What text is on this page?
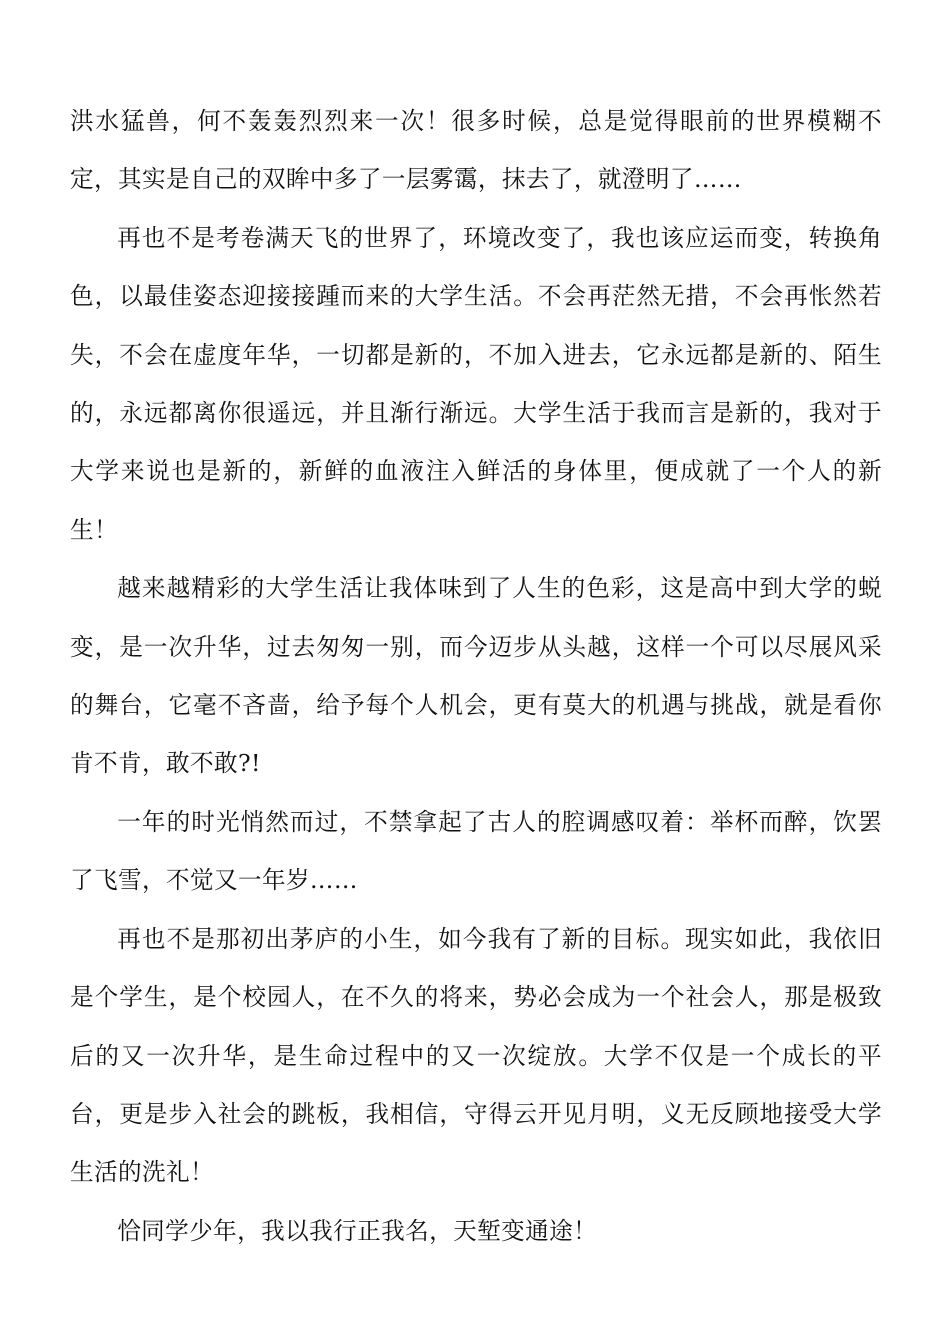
洪水猛兽，何不轰轰烈烈来一次！很多时候，总是觉得眼前的世界模糊不定，其实是自己的双眸中多了一层雾霭，抹去了，就澄明了……

再也不是考卷满天飞的世界了，环境改变了，我也该应运而变，转换角色，以最佳姿态迎接接踵而来的大学生活。不会再茫然无措，不会再怅然若失，不会在虚度年华，一切都是新的，不加入进去，它永远都是新的、陌生的，永远都离你很遥远，并且渐行渐远。大学生活于我而言是新的，我对于大学来说也是新的，新鲜的血液注入鲜活的身体里，便成就了一个人的新生！

越来越精彩的大学生活让我体味到了人生的色彩，这是高中到大学的蜕变，是一次升华，过去匆匆一别，而今迈步从头越，这样一个可以尽展风采的舞台，它毫不吝啬，给予每个人机会，更有莫大的机遇与挑战，就是看你肯不肯，敢不敢?!

一年的时光悄然而过，不禁拿起了古人的腔调感叹着：举杯而醉，饮罢了飞雪，不觉又一年岁……

再也不是那初出茅庐的小生，如今我有了新的目标。现实如此，我依旧是个学生，是个校园人，在不久的将来，势必会成为一个社会人，那是极致后的又一次升华，是生命过程中的又一次绽放。大学不仅是一个成长的平台，更是步入社会的跳板，我相信，守得云开见月明，义无反顾地接受大学生活的洗礼！

恰同学少年，我以我行正我名，天堑变通途！
